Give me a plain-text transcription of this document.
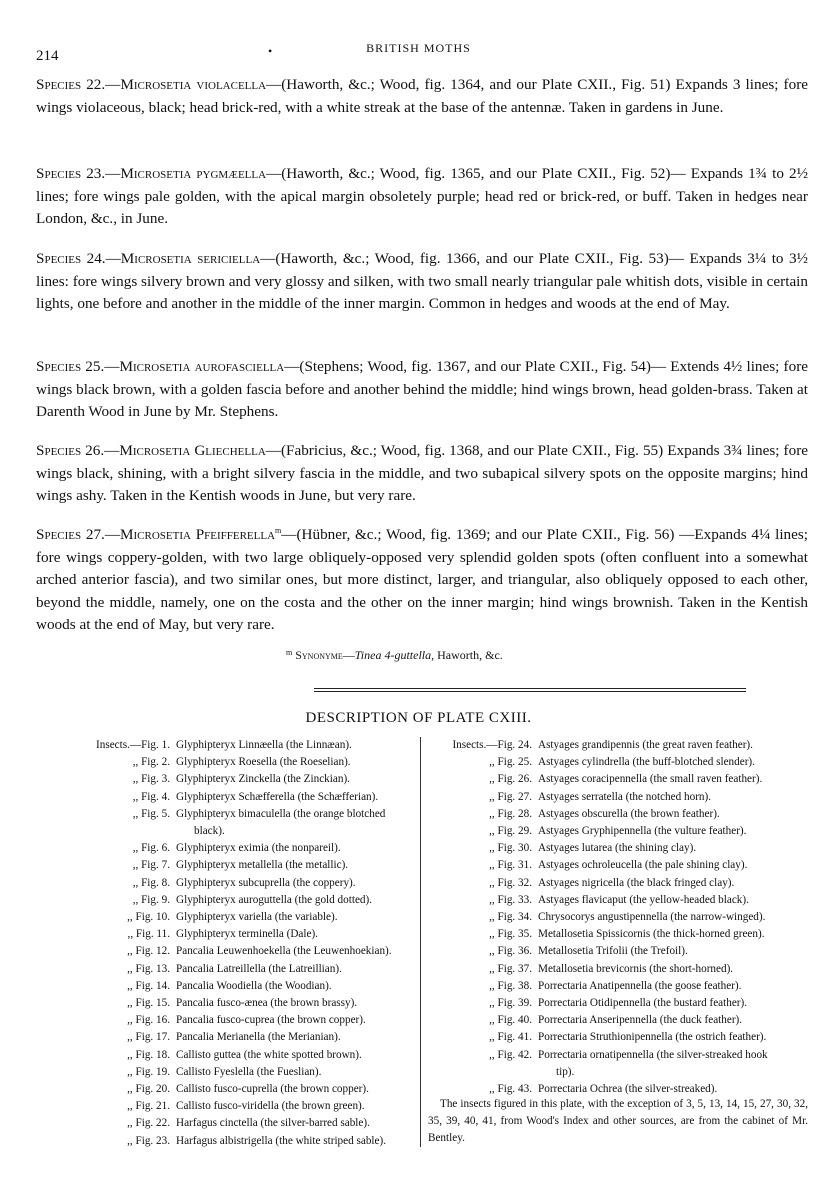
214	•	BRITISH MOTHS
Species 22.—Microsetia violacella—(Haworth, &c.; Wood, fig. 1364, and our Plate CXII., Fig. 51) Expands 3 lines; fore wings violaceous, black; head brick-red, with a white streak at the base of the antennæ. Taken in gardens in June.
Species 23.—Microsetia pygmæella—(Haworth, &c.; Wood, fig. 1365, and our Plate CXII., Fig. 52)— Expands 1¾ to 2½ lines; fore wings pale golden, with the apical margin obsoletely purple; head red or brick-red, or buff. Taken in hedges near London, &c., in June.
Species 24.—Microsetia sericiella—(Haworth, &c.; Wood, fig. 1366, and our Plate CXII., Fig. 53)— Expands 3¼ to 3½ lines: fore wings silvery brown and very glossy and silken, with two small nearly triangular pale whitish dots, visible in certain lights, one before and another in the middle of the inner margin. Common in hedges and woods at the end of May.
Species 25.—Microsetia aurofasciella—(Stephens; Wood, fig. 1367, and our Plate CXII., Fig. 54)— Extends 4½ lines; fore wings black brown, with a golden fascia before and another behind the middle; hind wings brown, head golden-brass. Taken at Darenth Wood in June by Mr. Stephens.
Species 26.—Microsetia Gliechella—(Fabricius, &c.; Wood, fig. 1368, and our Plate CXII., Fig. 55) Expands 3¾ lines; fore wings black, shining, with a bright silvery fascia in the middle, and two subapical silvery spots on the opposite margins; hind wings ashy. Taken in the Kentish woods in June, but very rare.
Species 27.—Microsetia Pfeifferella$^m$—(Hübner, &c.; Wood, fig. 1369; and our Plate CXII., Fig. 56) —Expands 4¼ lines; fore wings coppery-golden, with two large obliquely-opposed very splendid golden spots (often confluent into a somewhat arched anterior fascia), and two similar ones, but more distinct, larger, and triangular, also obliquely opposed to each other, beyond the middle, namely, one on the costa and the other on the inner margin; hind wings brownish. Taken in the Kentish woods at the end of May, but very rare.
$^m$ Synonyme—Tinea 4-guttella, Haworth, &c.
DESCRIPTION OF PLATE CXIII.
Insects.—Fig. 1. Glyphipteryx Linnæella (the Linnæan).
,, Fig. 2. Glyphipteryx Roesella (the Roeselian).
,, Fig. 3. Glyphipteryx Zinckella (the Zinckian).
,, Fig. 4. Glyphipteryx Schæfferella (the Schæfferian).
,, Fig. 5. Glyphipteryx bimaculella (the orange blotched
black).
,, Fig. 6. Glyphipteryx eximia (the nonpareil).
,, Fig. 7. Glyphipteryx metallella (the metallic).
,, Fig. 8. Glyphipteryx subcuprella (the coppery).
,, Fig. 9. Glyphipteryx auroguttella (the gold dotted).
,, Fig. 10. Glyphipteryx variella (the variable).
,, Fig. 11. Glyphipteryx terminella (Dale).
,, Fig. 12. Pancalia Leuwenhoekella (the Leuwenhoekian).
,, Fig. 13. Pancalia Latreillella (the Latreillian).
,, Fig. 14. Pancalia Woodiella (the Woodian).
,, Fig. 15. Pancalia fusco-ænea (the brown brassy).
,, Fig. 16. Pancalia fusco-cuprea (the brown copper).
,, Fig. 17. Pancalia Merianella (the Merianian).
,, Fig. 18. Callisto guttea (the white spotted brown).
,, Fig. 19. Callisto Fyeslella (the Fueslian).
,, Fig. 20. Callisto fusco-cuprella (the brown copper).
,, Fig. 21. Callisto fusco-viridella (the brown green).
,, Fig. 22. Harfagus cinctella (the silver-barred sable).
,, Fig. 23. Harfagus albistrigella (the white striped sable).
Insects.—Fig. 24. Astyages grandipennis (the great raven feather).
,, Fig. 25. Astyages cylindrella (the buff-blotched slender).
,, Fig. 26. Astyages coracipennella (the small raven feather).
,, Fig. 27. Astyages serratella (the notched horn).
,, Fig. 28. Astyages obscurella (the brown feather).
,, Fig. 29. Astyages Gryphipennella (the vulture feather).
,, Fig. 30. Astyages lutarea (the shining clay).
,, Fig. 31. Astyages ochroleucella (the pale shining clay).
,, Fig. 32. Astyages nigricella (the black fringed clay).
,, Fig. 33. Astyages flavicaput (the yellow-headed black).
,, Fig. 34. Chrysocorys angustipennella (the narrow-winged).
,, Fig. 35. Metallosetia Spissicornis (the thick-horned green).
,, Fig. 36. Metallosetia Trifolii (the Trefoil).
,, Fig. 37. Metallosetia brevicornis (the short-horned).
,, Fig. 38. Porrectaria Anatipennella (the goose feather).
,, Fig. 39. Porrectaria Otidipennella (the bustard feather).
,, Fig. 40. Porrectaria Anseripennella (the duck feather).
,, Fig. 41. Porrectaria Struthionipennella (the ostrich feather).
,, Fig. 42. Porrectaria ornatipennella (the silver-streaked hook
tip).
,, Fig. 43. Porrectaria Ochrea (the silver-streaked).
The insects figured in this plate, with the exception of 3, 5, 13, 14, 15, 27, 30, 32, 35, 39, 40, 41, from Wood's Index and other sources, are from the cabinet of Mr. Bentley.
